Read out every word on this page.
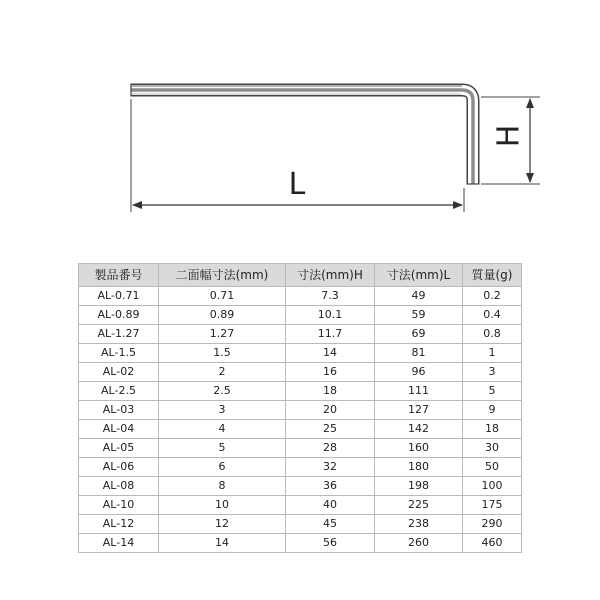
L
H
製品番号	二面幅寸法(mm)	寸法(mm)H	寸法(mm)L	質量(g)
AL-0.71	0.71	7.3	49	0.2
AL-0.89	0.89	10.1	59	0.4
AL-1.27	1.27	11.7	69	0.8
AL-1.5	1.5	14	81	1
AL-02	2	16	96	3
AL-2.5	2.5	18	111	5
AL-03	3	20	127	9
AL-04	4	25	142	18
AL-05	5	28	160	30
AL-06	6	32	180	50
AL-08	8	36	198	100
AL-10	10	40	225	175
AL-12	12	45	238	290
AL-14	14	56	260	460
